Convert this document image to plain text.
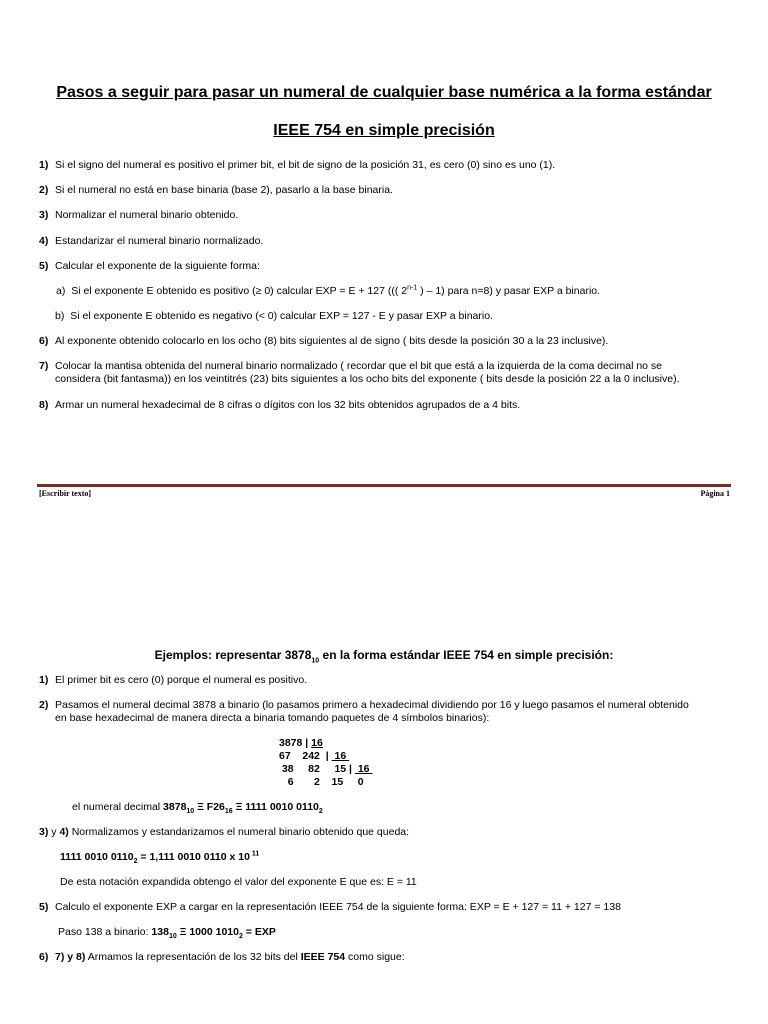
Pasos a seguir para pasar un numeral de cualquier base numérica a la forma estándar
IEEE 754 en simple precisión
1) Si el signo del numeral es positivo el primer bit, el bit de signo de la posición 31, es cero (0) sino es uno (1).
2) Si el numeral no está en base binaria (base 2), pasarlo a la base binaria.
3) Normalizar el numeral binario obtenido.
4) Estandarizar el numeral binario normalizado.
5) Calcular el exponente de la siguiente forma:
a) Si el exponente E obtenido es positivo (≥ 0) calcular EXP = E + 127 ((( 2$^{n-1}$ ) – 1) para n=8) y pasar EXP a binario.
b) Si el exponente E obtenido es negativo (< 0) calcular EXP = 127 - E y pasar EXP a binario.
6) Al exponente obtenido colocarlo en los ocho (8) bits siguientes al de signo ( bits desde la posición 30 a la 23 inclusive).
7) Colocar la mantisa obtenida del numeral binario normalizado ( recordar que el bit que está a la izquierda de la coma decimal no se
considera (bit fantasma)) en los veintitrés (23) bits siguientes a los ocho bits del exponente ( bits desde la posición 22 a la 0 inclusive).
8) Armar un numeral hexadecimal de 8 cifras o dígitos con los 32 bits obtenidos agrupados de a 4 bits.
[Escribir texto]	Página 1
Ejemplos: representar $3878_{10}$ en la forma estándar IEEE 754 en simple precisión:
1) El primer bit es cero (0) porque el numeral es positivo.
2) Pasamos el numeral decimal 3878 a binario (lo pasamos primero a hexadecimal dividiendo por 16 y luego pasamos el numeral obtenido
en base hexadecimal de manera directa a binaria tomando paquetes de 4 símbolos binarios):
3878 | 16
67    242  |  16
38     82     15 |  16
6       2    15     0
el numeral decimal $3878_{10}$ Ξ $F26_{16}$ Ξ 1111 0010 $0110_2$
3) y 4) Normalizamos y estandarizamos el numeral binario obtenido que queda:
1111 0010 $0110_2 = 1,111$ 0010 0110 x 10 $^{11}$
De esta notación expandida obtengo el valor del exponente E que es: E = 11
5) Calculo el exponente EXP a cargar en la representación IEEE 754 de la siguiente forma: EXP = E + 127 = 11 + 127 = 138
Paso 138 a binario: $138_{10}$ Ξ 1000 $1010_2$ = EXP
6) 7) y 8) Armamos la representación de los 32 bits del IEEE 754 como sigue:
